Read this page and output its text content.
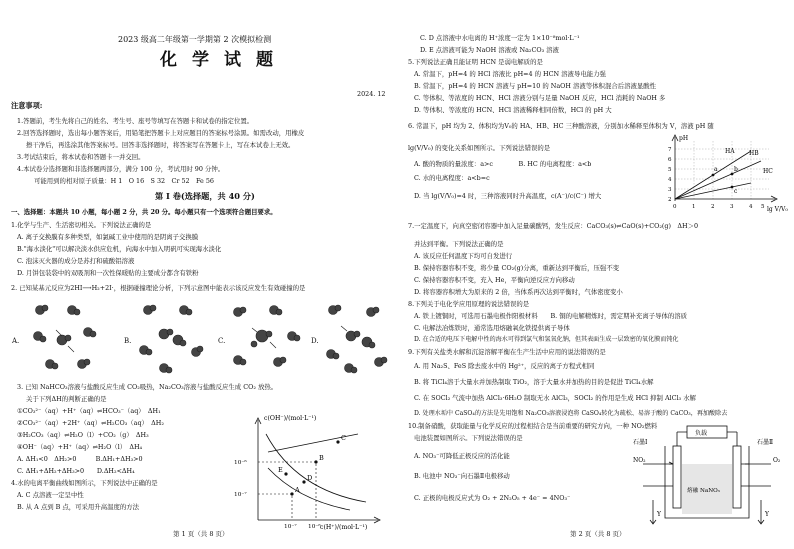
2023 级高二年级第一学期第 2 次模拟检测
化学试题
2024. 12
注意事项:
1.答题前，考生先将自己的姓名、考生号、座号等填写在答题卡和试卷的指定位置。
2.回答选择题时，选出每小题答案后，用铅笔把答题卡上对应题目的答案标号涂黑。如需改动，用橡皮
擦干净后，再选涂其他答案标号。回答非选择题时，将答案写在答题卡上，写在本试卷上无效。
3.考试结束后，将本试卷和答题卡一并交回。
4.本试卷分选择题和非选择题两部分，满分 100 分，考试用时 90 分钟。
可能用到的相对原子质量：H 1　O 16　S 32　Cr 52　Fe 56
第 Ⅰ 卷(选择题，共 40 分)
一、选择题：本题共 10 小题，每小题 2 分，共 20 分。每小题只有一个选项符合题目要求。
1.化学与生产、生活密切相关。下列说法正确的是
A. 离子交换膜有多种类型，如氯碱工业中使用的是阴离子交换膜
B."海水淡化"可以解决淡水供应危机，向海水中加入明矾可实现海水淡化
C. 泡沫灭火器的成分是苏打和硫酸铝溶液
D. 月饼包装袋中的双吸剂和一次性保暖贴的主要成分都含有铁粉
2. 已知某基元反应为2HI⟶H₂+2I·，根据碰撞理论分析，下列示意图中能表示该反应发生有效碰撞的是
A.	B.	C.	D.
3. 已知 NaHCO₃溶液与盐酸反应生成 CO₂吸热，Na₂CO₃溶液与盐酸反应生成 CO₂ 放热。
关于下列ΔH的判断正确的是
①CO₃²⁻（aq）+H⁺（aq）⇌HCO₃⁻（aq）　ΔH₁
②CO₃²⁻（aq）+2H⁺（aq）⇌H₂CO₃（aq）　ΔH₂
③H₂CO₃（aq）⇌H₂O（l）+CO₂（g）　ΔH₃
④OH⁻（aq）+H⁺（aq）⇌H₂O（l）　ΔH₄
A. ΔH₁<0　ΔH₂>0　　　B.ΔH₁+ΔH₃>0
C. ΔH₁+ΔH₂+ΔH₃>0　　D.ΔH₂<ΔH₄
4.水的电离平衡曲线如图所示，下列说法中正确的是
A. C 点溶液一定呈中性
B. 从 A 点到 B 点，可采用升高温度的方法
c(OH⁻)/(mol·L⁻¹)
c(H⁺)/(mol·L⁻¹)
10⁻⁶
10⁻⁷
10⁻⁷ 10⁻⁶
A
B
C
D
E
第 1 页（共 8 页）
C. D 点溶液中水电离的 H⁺浓度一定为 1×10⁻⁸mol·L⁻¹
D. E 点溶液可能为 NaOH 溶液或 Na₂CO₃ 溶液
5.下列说法正确且能证明 HCN 是弱电解质的是
A. 常温下，pH=4 的 HCl 溶液比 pH=4 的 HCN 溶液导电能力强
B. 常温下，pH=4 的 HCN 溶液与 pH=10 的 NaOH 溶液等体积混合后溶液显酸性
C. 等体积、等浓度的 HCN、HCl 溶液分别与足量 NaOH 反应，HCl 消耗的 NaOH 多
D. 等体积、等浓度的 HCN、HCl 溶液稀释相同倍数，HCl 的 pH 大
6. 常温下，pH 均为 2、体积均为V₀的 HA、HB、HC 三种酸溶液，分别加水稀释至体积为 V，溶液 pH 随
lg(V/V₀) 的变化关系如图所示。下列说法错误的是
A. 酸的物质的量浓度：a>c　　　　B. HC 的电离程度：a<b
C. 水的电离程度：a<b=c
D. 当 lg(V/V₀)=4 时，三种溶液同时升高温度，c(A⁻)/c(C⁻) 增大
pH
lg V/V₀
7
6
5
4
3
2
0	1	2	3	4 5
HA HB
HC
a	b
c
7.一定温度下，向真空密闭容器中加入足量碳酸钙，发生反应：CaCO₃(s)⇌CaO(s)+CO₂(g)　ΔH＞0
并达到平衡。下列说法正确的是
A. 该反应任何温度下均可自发进行
B. 保持容器容积不变，将少量 CO₂(g)分离，重新达到平衡后，压强不变
C. 保持容器容积不变，充入 He，平衡向逆反应方向移动
D. 将容器容积增大为原来的 2 倍，当体系再次达到平衡时，气体密度变小
8.下列关于电化学应用原理的说法错误的是
A. 铁上镀铜时，可选用石墨电极作阳极材料　　B. 铜的电解精炼时，需定期补充离子导体的溶质
C. 电解法冶炼铁时，通常选用熔融氧化铁提供离子导体
D. 在合适的电压下电解中性的海水可得到氯气和氢氧化钠，但其表面生成一层致密的氧化膜而钝化
9.下列有关盐类水解和沉淀溶解平衡在生产生活中应用的说法错误的是
A. 用 Na₂S、FeS 除去废水中的 Hg²⁺，反应的离子方程式相同
B. 将 TiCl₄溶于大量水并加热制取 TiO₂，溶于大量水并加热的目的是促进 TiCl₄水解
C. 在 SOCl₂ 气流中加热 AlCl₃·6H₂O 制取无水 AlCl₃，SOCl₂ 的作用是生成 HCl 抑制 AlCl₃ 水解
D. 处理水垢中 CaSO₄的方法是先用饱和 Na₂CO₃溶液浸泡将 CaSO₄转化为疏松、易溶于酸的 CaCO₃，再加酸除去
10.制备硝酸，获取能量与化学反应的过程相结合是当前重要的研究方向，一种 NO₂燃料
电池装置如图所示。下列说法错误的是
A. NO₃⁻可降低正极反应的活化能
B. 电池中 NO₃⁻向石墨Ⅱ电极移动
C. 正极的电极反应式为 O₂ + 2N₂O₅ + 4e⁻ = 4NO₃⁻
负载
石墨Ⅰ	石墨Ⅱ
NO₂	O₂
熔融 NaNO₃
Y	Y
第 2 页（共 8 页）
